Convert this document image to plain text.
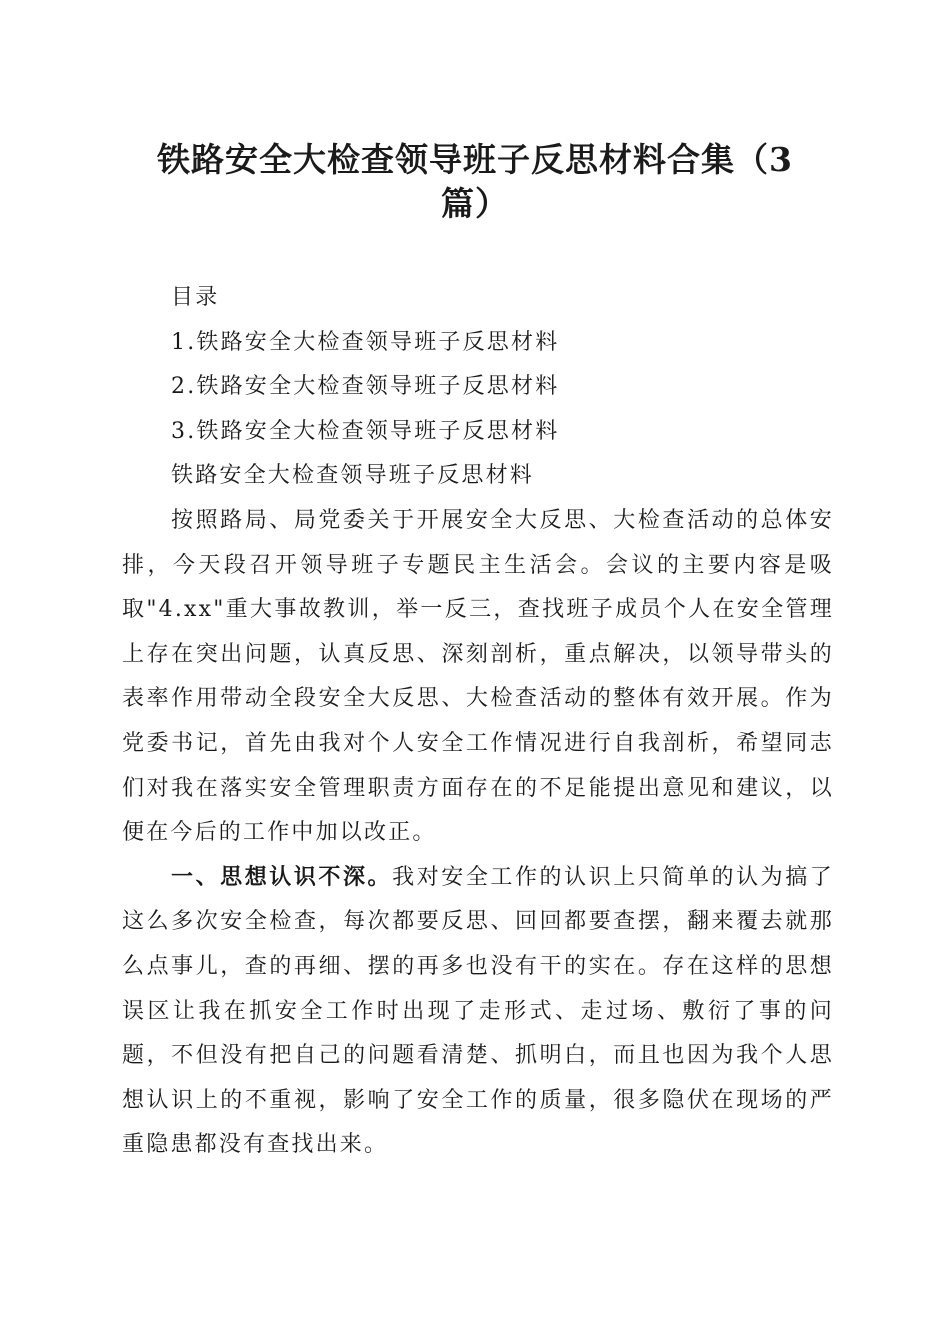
铁路安全大检查领导班子反思材料合集（3篇）

目录

1.铁路安全大检查领导班子反思材料

2.铁路安全大检查领导班子反思材料

3.铁路安全大检查领导班子反思材料

铁路安全大检查领导班子反思材料

按照路局、局党委关于开展安全大反思、大检查活动的总体安排，今天段召开领导班子专题民主生活会。会议的主要内容是吸取"4.xx"重大事故教训，举一反三，查找班子成员个人在安全管理上存在突出问题，认真反思、深刻剖析，重点解决，以领导带头的表率作用带动全段安全大反思、大检查活动的整体有效开展。作为党委书记，首先由我对个人安全工作情况进行自我剖析，希望同志们对我在落实安全管理职责方面存在的不足能提出意见和建议，以便在今后的工作中加以改正。

一、思想认识不深。我对安全工作的认识上只简单的认为搞了这么多次安全检查，每次都要反思、回回都要查摆，翻来覆去就那么点事儿，查的再细、摆的再多也没有干的实在。存在这样的思想误区让我在抓安全工作时出现了走形式、走过场、敷衍了事的问题，不但没有把自己的问题看清楚、抓明白，而且也因为我个人思想认识上的不重视，影响了安全工作的质量，很多隐伏在现场的严重隐患都没有查找出来。
